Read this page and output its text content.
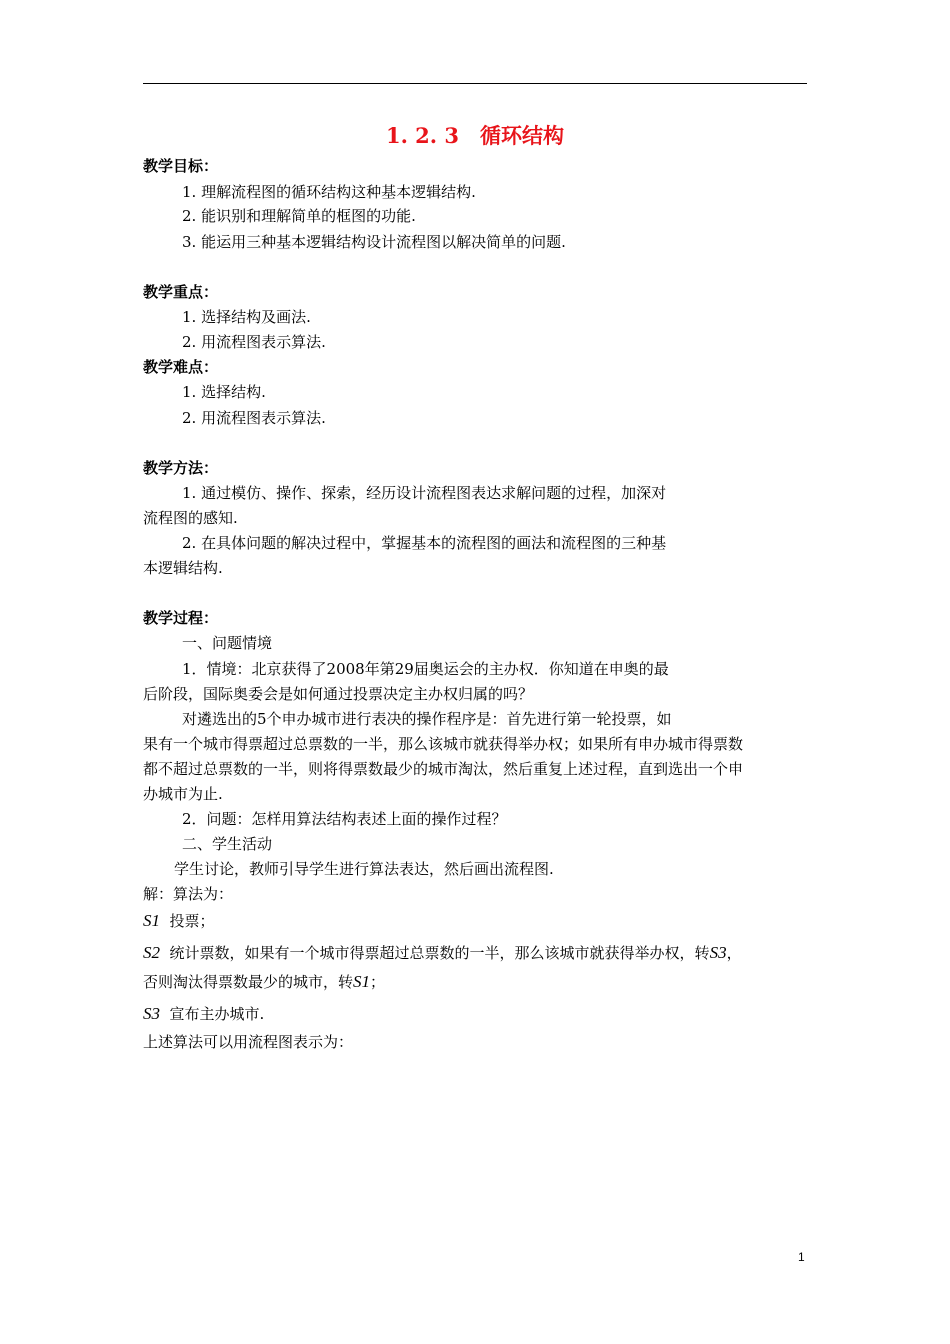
1. 2. 3　循环结构
教学目标：
1. 理解流程图的循环结构这种基本逻辑结构.
2. 能识别和理解简单的框图的功能.
3. 能运用三种基本逻辑结构设计流程图以解决简单的问题.
教学重点：
1. 选择结构及画法.
2. 用流程图表示算法.
教学难点：
1. 选择结构.
2. 用流程图表示算法.
教学方法：
1. 通过模仿、操作、探索，经历设计流程图表达求解问题的过程，加深对
流程图的感知.
2. 在具体问题的解决过程中，掌握基本的流程图的画法和流程图的三种基
本逻辑结构.
教学过程：
一、问题情境
1．情境：北京获得了2008年第29届奥运会的主办权．你知道在申奥的最
后阶段，国际奥委会是如何通过投票决定主办权归属的吗？
对遴选出的5个申办城市进行表决的操作程序是：首先进行第一轮投票，如
果有一个城市得票超过总票数的一半，那么该城市就获得举办权；如果所有申办城市得票数
都不超过总票数的一半，则将得票数最少的城市淘汰，然后重复上述过程，直到选出一个申
办城市为止.
2．问题：怎样用算法结构表述上面的操作过程？
二、学生活动
学生讨论，教师引导学生进行算法表达，然后画出流程图.
解：算法为：
S1 投票；
S2 统计票数，如果有一个城市得票超过总票数的一半，那么该城市就获得举办权，转S3，
否则淘汰得票数最少的城市，转S1；
S3 宣布主办城市.
上述算法可以用流程图表示为：
1
